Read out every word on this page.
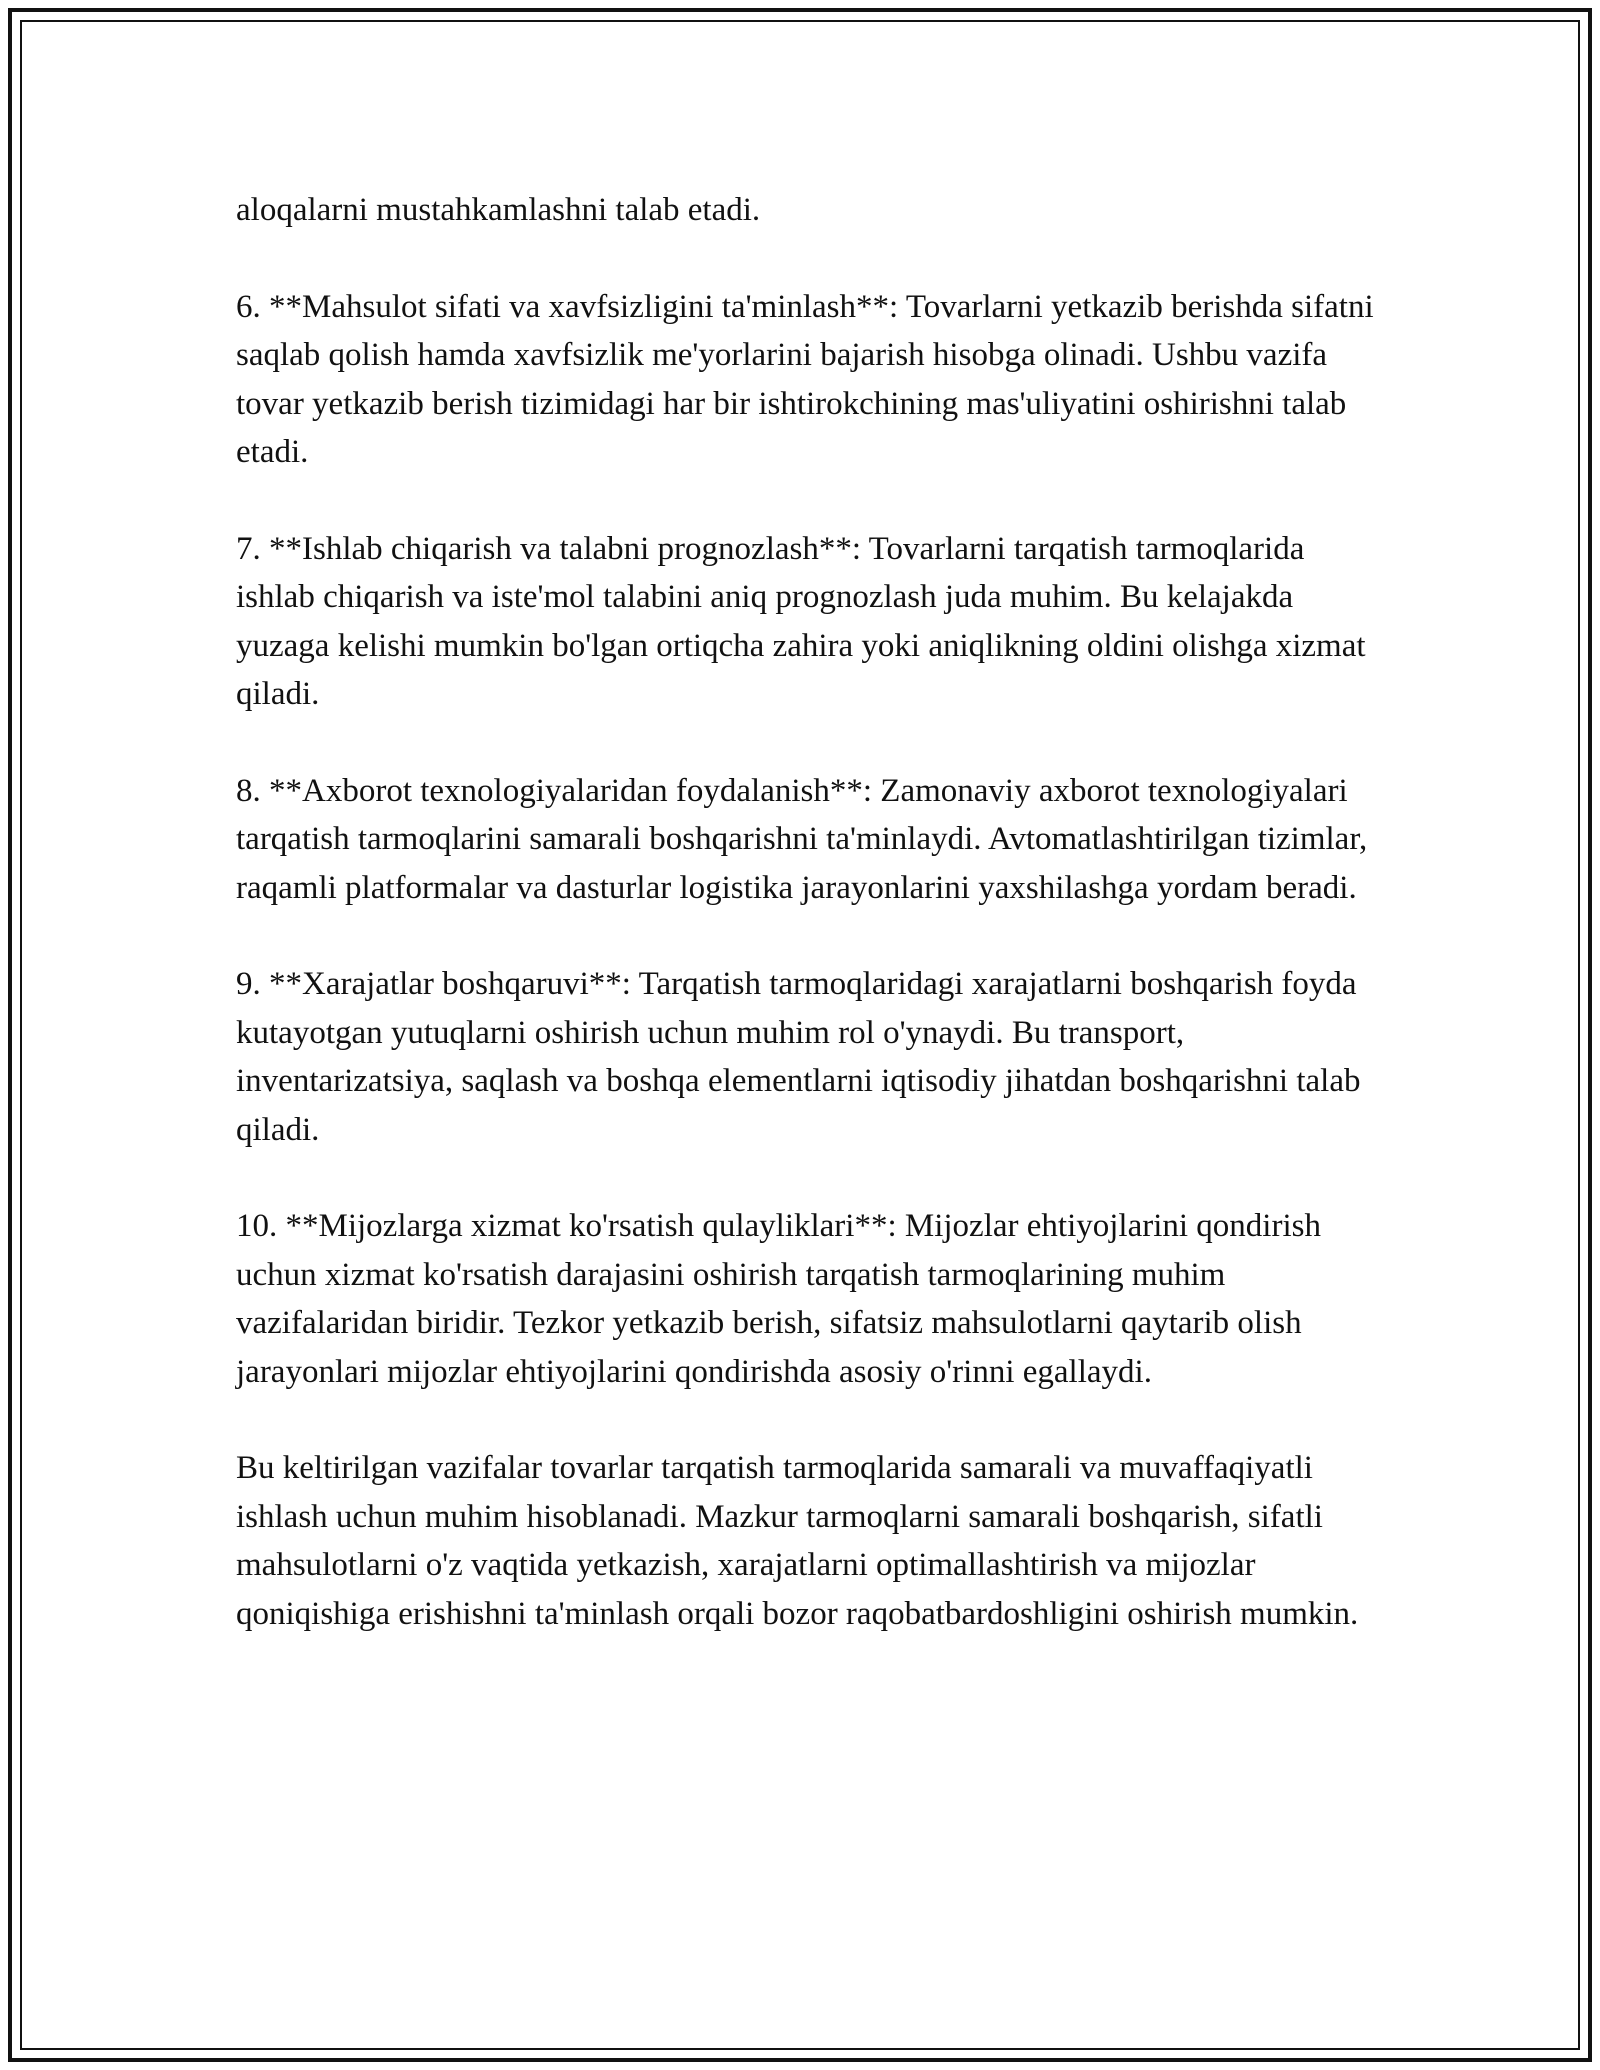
aloqalarni mustahkamlashni talab etadi.

6. **Mahsulot sifati va xavfsizligini ta'minlash**: Tovarlarni yetkazib berishda sifatni saqlab qolish hamda xavfsizlik me'yorlarini bajarish hisobga olinadi. Ushbu vazifa tovar yetkazib berish tizimidagi har bir ishtirokchining mas'uliyatini oshirishni talab etadi.

7. **Ishlab chiqarish va talabni prognozlash**: Tovarlarni tarqatish tarmoqlarida ishlab chiqarish va iste'mol talabini aniq prognozlash juda muhim. Bu kelajakda yuzaga kelishi mumkin bo'lgan ortiqcha zahira yoki aniqlikning oldini olishga xizmat qiladi.

8. **Axborot texnologiyalaridan foydalanish**: Zamonaviy axborot texnologiyalari tarqatish tarmoqlarini samarali boshqarishni ta'minlaydi. Avtomatlashtirilgan tizimlar, raqamli platformalar va dasturlar logistika jarayonlarini yaxshilashga yordam beradi.

9. **Xarajatlar boshqaruvi**: Tarqatish tarmoqlaridagi xarajatlarni boshqarish foyda kutayotgan yutuqlarni oshirish uchun muhim rol o'ynaydi. Bu transport, inventarizatsiya, saqlash va boshqa elementlarni iqtisodiy jihatdan boshqarishni talab qiladi.

10. **Mijozlarga xizmat ko'rsatish qulayliklari**: Mijozlar ehtiyojlarini qondirish uchun xizmat ko'rsatish darajasini oshirish tarqatish tarmoqlarining muhim vazifalaridan biridir. Tezkor yetkazib berish, sifatsiz mahsulotlarni qaytarib olish jarayonlari mijozlar ehtiyojlarini qondirishda asosiy o'rinni egallaydi.

Bu keltirilgan vazifalar tovarlar tarqatish tarmoqlarida samarali va muvaffaqiyatli ishlash uchun muhim hisoblanadi. Mazkur tarmoqlarni samarali boshqarish, sifatli mahsulotlarni o'z vaqtida yetkazish, xarajatlarni optimallashtirish va mijozlar qoniqishiga erishishni ta'minlash orqali bozor raqobatbardoshligini oshirish mumkin.
